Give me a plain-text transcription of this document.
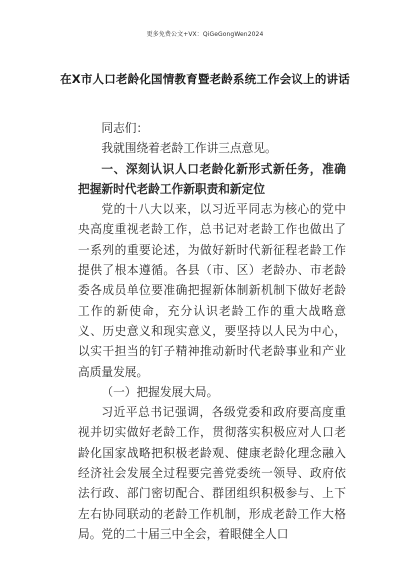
更多免费公文+VX：QiGeGongWen2024
在X市人口老龄化国情教育暨老龄系统工作会议上的讲话

同志们：

我就围绕着老龄工作讲三点意见。

一、深刻认识人口老龄化新形式新任务，准确把握新时代老龄工作新职责和新定位

党的十八大以来，以习近平同志为核心的党中央高度重视老龄工作，总书记对老龄工作也做出了一系列的重要论述，为做好新时代新征程老龄工作提供了根本遵循。各县（市、区）老龄办、市老龄委各成员单位要准确把握新体制新机制下做好老龄工作的新使命，充分认识老龄工作的重大战略意义、历史意义和现实意义，要坚持以人民为中心，以实干担当的钉子精神推动新时代老龄事业和产业高质量发展。

（一）把握发展大局。

习近平总书记强调，各级党委和政府要高度重视并切实做好老龄工作，贯彻落实积极应对人口老龄化国家战略把积极老龄观、健康老龄化理念融入经济社会发展全过程要完善党委统一领导、政府依法行政、部门密切配合、群团组织积极参与、上下左右协同联动的老龄工作机制，形成老龄工作大格局。党的二十届三中全会，着眼健全人口
